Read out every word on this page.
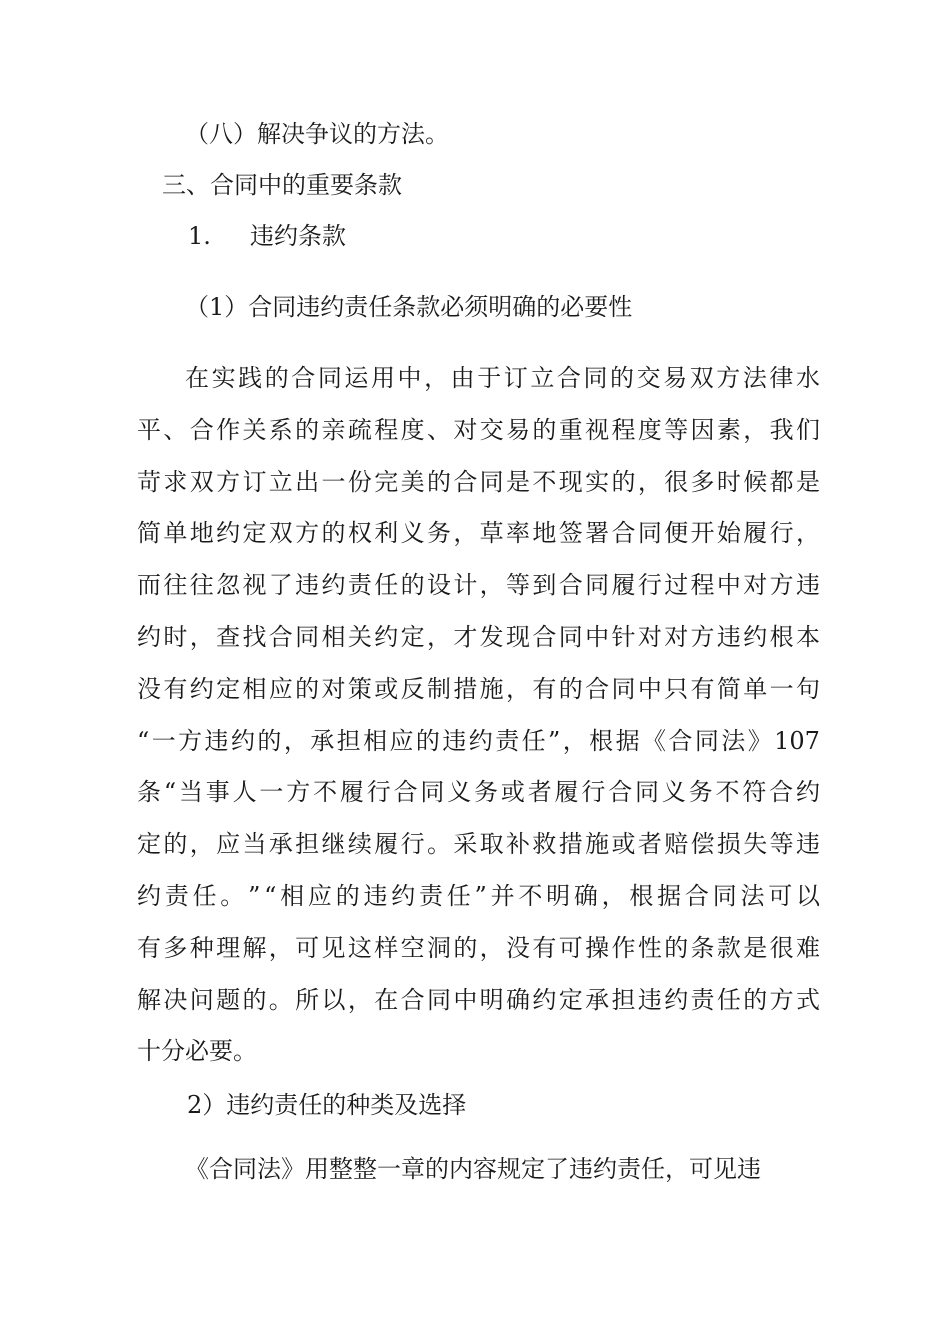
（八）解决争议的方法。
三、合同中的重要条款
1. 违约条款
（1）合同违约责任条款必须明确的必要性
在 实 践 的 合 同 运 用 中 ， 由 于 订 立 合 同 的 交 易 双 方 法 律 水
平 、 合 作 关 系 的 亲 疏 程 度 、 对 交 易 的 重 视 程 度 等 因 素 ， 我 们
苛 求 双 方 订 立 出 一 份 完 美 的 合 同 是 不 现 实 的 ， 很 多 时 候 都 是
简 单 地 约 定 双 方 的 权 利 义 务 ， 草 率 地 签 署 合 同 便 开 始 履 行 ，
而 往 往 忽 视 了 违 约 责 任 的 设 计 ， 等 到 合 同 履 行 过 程 中 对 方 违
约 时 ， 查 找 合 同 相 关 约 定 ， 才 发 现 合 同 中 针 对 对 方 违 约 根 本
没 有 约 定 相 应 的 对 策 或 反 制 措 施 ， 有 的 合 同 中 只 有 简 单 一 句
“ 一 方 违 约 的 ， 承 担 相 应 的 违 约 责 任 ” ， 根 据 《 合 同 法 》 107
条 “ 当 事 人 一 方 不 履 行 合 同 义 务 或 者 履 行 合 同 义 务 不 符 合 约
定 的 ， 应 当 承 担 继 续 履 行 。 采 取 补 救 措 施 或 者 赔 偿 损 失 等 违
约 责 任 。 ” “ 相 应 的 违 约 责 任 ” 并 不 明 确 ， 根 据 合 同 法 可 以
有 多 种 理 解 ， 可 见 这 样 空 洞 的 ， 没 有 可 操 作 性 的 条 款 是 很 难
解 决 问 题 的 。 所 以 ， 在 合 同 中 明 确 约 定 承 担 违 约 责 任 的 方 式
十分必要。
2）违约责任的种类及选择
《合同法》用整整一章的内容规定了违约责任，可见违
